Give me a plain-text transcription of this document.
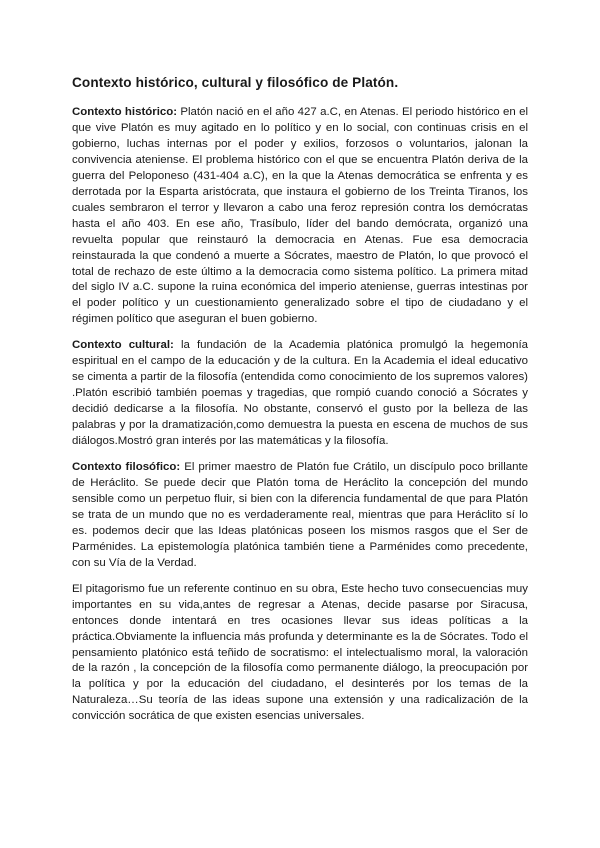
Contexto histórico, cultural y filosófico de Platón.

Contexto histórico: Platón nació en el año 427 a.C, en Atenas. El periodo histórico en el que vive Platón es muy agitado en lo político y en lo social, con continuas crisis en el gobierno, luchas internas por el poder y exilios, forzosos o voluntarios, jalonan la convivencia ateniense. El problema histórico con el que se encuentra Platón deriva de la guerra del Peloponeso (431-404 a.C), en la que la Atenas democrática se enfrenta y es derrotada por la Esparta aristócrata, que instaura el gobierno de los Treinta Tiranos, los cuales sembraron el terror y llevaron a cabo una feroz represión contra los demócratas hasta el año 403. En ese año, Trasíbulo, líder del bando demócrata, organizó una revuelta popular que reinstauró la democracia en Atenas. Fue esa democracia reinstaurada la que condenó a muerte a Sócrates, maestro de Platón, lo que provocó el total de rechazo de este último a la democracia como sistema político. La primera mitad del siglo IV a.C. supone la ruina económica del imperio ateniense, guerras intestinas por el poder político y un cuestionamiento generalizado sobre el tipo de ciudadano y el régimen político que aseguran el buen gobierno.

Contexto cultural: la fundación de la Academia platónica promulgó la hegemonía espiritual en el campo de la educación y de la cultura. En la Academia el ideal educativo se cimenta a partir de la filosofía (entendida como conocimiento de los supremos valores) .Platón escribió también poemas y tragedias, que rompió cuando conoció a Sócrates y decidió dedicarse a la filosofía. No obstante, conservó el gusto por la belleza de las palabras y por la dramatización,como demuestra la puesta en escena de muchos de sus diálogos.Mostró gran interés por las matemáticas y la filosofía.

Contexto filosófico: El primer maestro de Platón fue Crátilo, un discípulo poco brillante de Heráclito. Se puede decir que Platón toma de Heráclito la concepción del mundo sensible como un perpetuo fluir, si bien con la diferencia fundamental de que para Platón se trata de un mundo que no es verdaderamente real, mientras que para Heráclito sí lo es. podemos decir que las Ideas platónicas poseen los mismos rasgos que el Ser de Parménides. La epistemología platónica también tiene a Parménides como precedente, con su Vía de la Verdad.

El pitagorismo fue un referente continuo en su obra, Este hecho tuvo consecuencias muy importantes en su vida,antes de regresar a Atenas, decide pasarse por Siracusa, entonces donde intentará en tres ocasiones llevar sus ideas políticas a la práctica.Obviamente la influencia más profunda y determinante es la de Sócrates. Todo el pensamiento platónico está teñido de socratismo: el intelectualismo moral, la valoración de la razón , la concepción de la filosofía como permanente diálogo, la preocupación por la política y por la educación del ciudadano, el desinterés por los temas de la Naturaleza…Su teoría de las ideas supone una extensión y una radicalización de la convicción socrática de que existen esencias universales.
